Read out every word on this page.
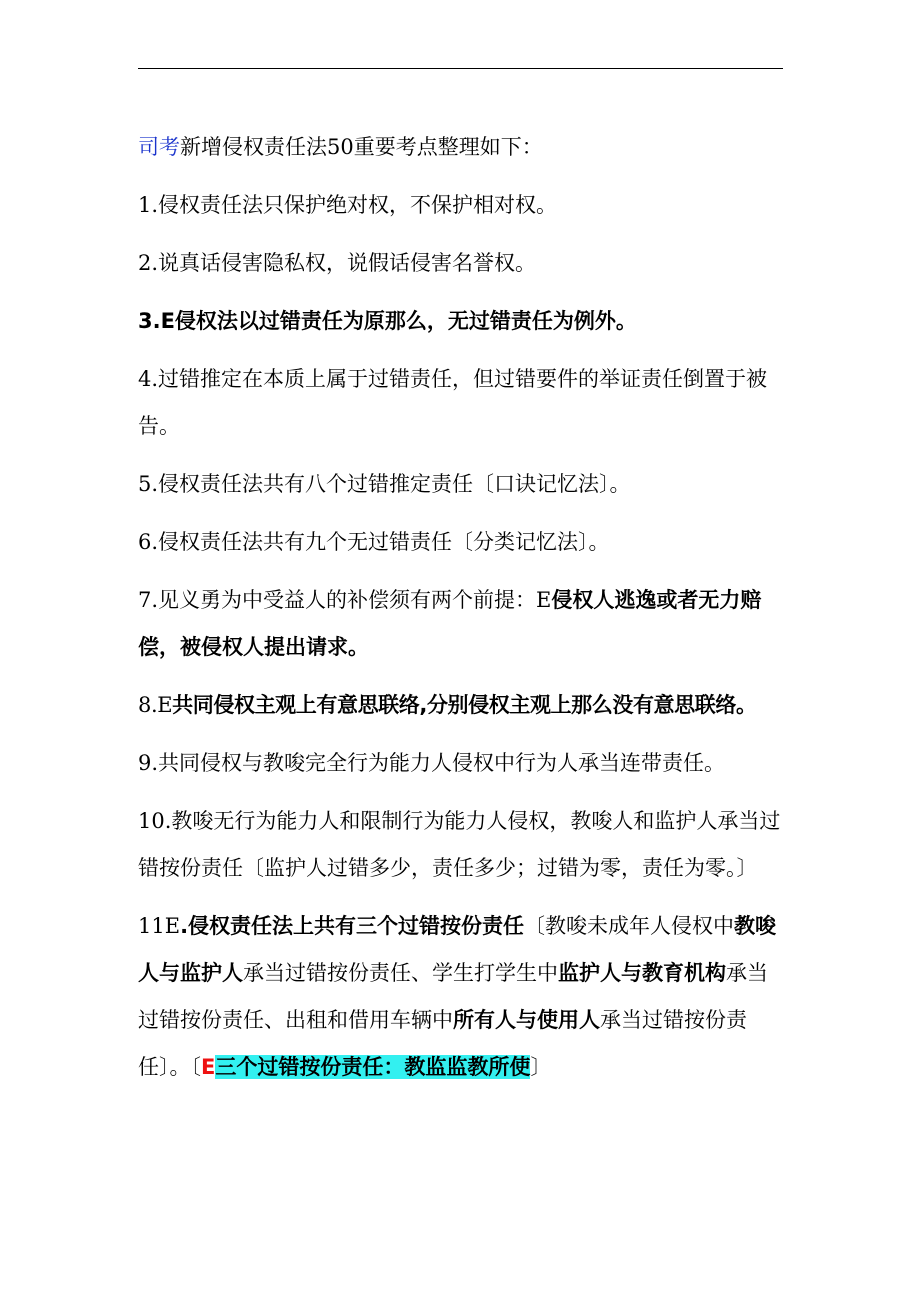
司考新增侵权责任法50重要考点整理如下：

1.侵权责任法只保护绝对权，不保护相对权。

2.说真话侵害隐私权，说假话侵害名誉权。

3.E侵权法以过错责任为原那么，无过错责任为例外。

4.过错推定在本质上属于过错责任，但过错要件的举证责任倒置于被告。

5.侵权责任法共有八个过错推定责任〔口诀记忆法〕。

6.侵权责任法共有九个无过错责任〔分类记忆法〕。

7.见义勇为中受益人的补偿须有两个前提：E侵权人逃逸或者无力赔偿，被侵权人提出请求。

8.E共同侵权主观上有意思联络,分别侵权主观上那么没有意思联络。

9.共同侵权与教唆完全行为能力人侵权中行为人承当连带责任。

10.教唆无行为能力人和限制行为能力人侵权，教唆人和监护人承当过错按份责任〔监护人过错多少，责任多少；过错为零，责任为零。〕

11E.侵权责任法上共有三个过错按份责任〔教唆未成年人侵权中教唆人与监护人承当过错按份责任、学生打学生中监护人与教育机构承当过错按份责任、出租和借用车辆中所有人与使用人承当过错按份责任〕。〔E三个过错按份责任：教监监教所使〕
